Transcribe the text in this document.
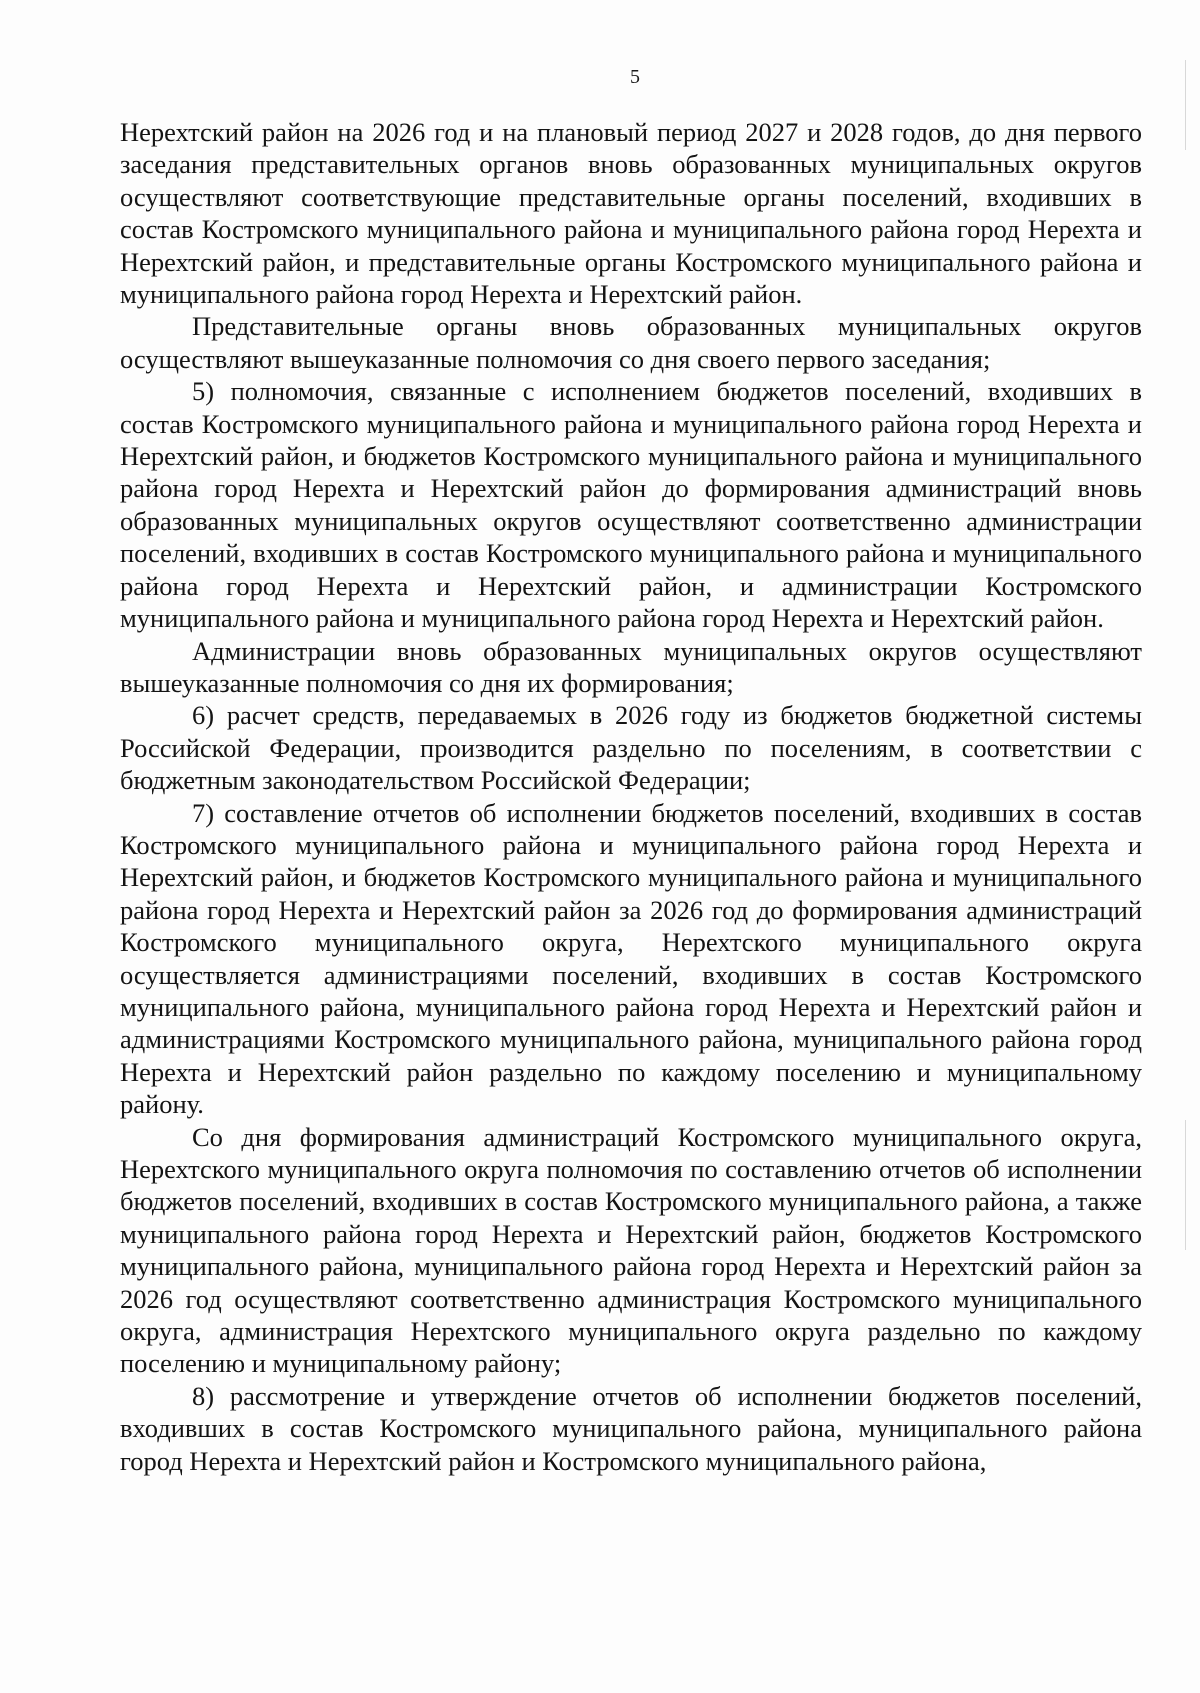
5

Нерехтский район на 2026 год и на плановый период 2027 и 2028 годов, до дня первого заседания представительных органов вновь образованных муниципальных округов осуществляют соответствующие представительные органы поселений, входивших в состав Костромского муниципального района и муниципального района город Нерехта и Нерехтский район, и представительные органы Костромского муниципального района и муниципального района город Нерехта и Нерехтский район.

Представительные органы вновь образованных муниципальных округов осуществляют вышеуказанные полномочия со дня своего первого заседания;

5) полномочия, связанные с исполнением бюджетов поселений, входивших в состав Костромского муниципального района и муниципального района город Нерехта и Нерехтский район, и бюджетов Костромского муниципального района и муниципального района город Нерехта и Нерехтский район до формирования администраций вновь образованных муниципальных округов осуществляют соответственно администрации поселений, входивших в состав Костромского муниципального района и муниципального района город Нерехта и Нерехтский район, и администрации Костромского муниципального района и муниципального района город Нерехта и Нерехтский район.

Администрации вновь образованных муниципальных округов осуществляют вышеуказанные полномочия со дня их формирования;

6) расчет средств, передаваемых в 2026 году из бюджетов бюджетной системы Российской Федерации, производится раздельно по поселениям, в соответствии с бюджетным законодательством Российской Федерации;

7) составление отчетов об исполнении бюджетов поселений, входивших в состав Костромского муниципального района и муниципального района город Нерехта и Нерехтский район, и бюджетов Костромского муниципального района и муниципального района город Нерехта и Нерехтский район за 2026 год до формирования администраций Костромского муниципального округа, Нерехтского муниципального округа осуществляется администрациями поселений, входивших в состав Костромского муниципального района, муниципального района город Нерехта и Нерехтский район и администрациями Костромского муниципального района, муниципального района город Нерехта и Нерехтский район раздельно по каждому поселению и муниципальному району.

Со дня формирования администраций Костромского муниципального округа, Нерехтского муниципального округа полномочия по составлению отчетов об исполнении бюджетов поселений, входивших в состав Костромского муниципального района, а также муниципального района город Нерехта и Нерехтский район, бюджетов Костромского муниципального района, муниципального района город Нерехта и Нерехтский район за 2026 год осуществляют соответственно администрация Костромского муниципального округа, администрация Нерехтского муниципального округа раздельно по каждому поселению и муниципальному району;

8) рассмотрение и утверждение отчетов об исполнении бюджетов поселений, входивших в состав Костромского муниципального района, муниципального района город Нерехта и Нерехтский район и Костромского муниципального района,
